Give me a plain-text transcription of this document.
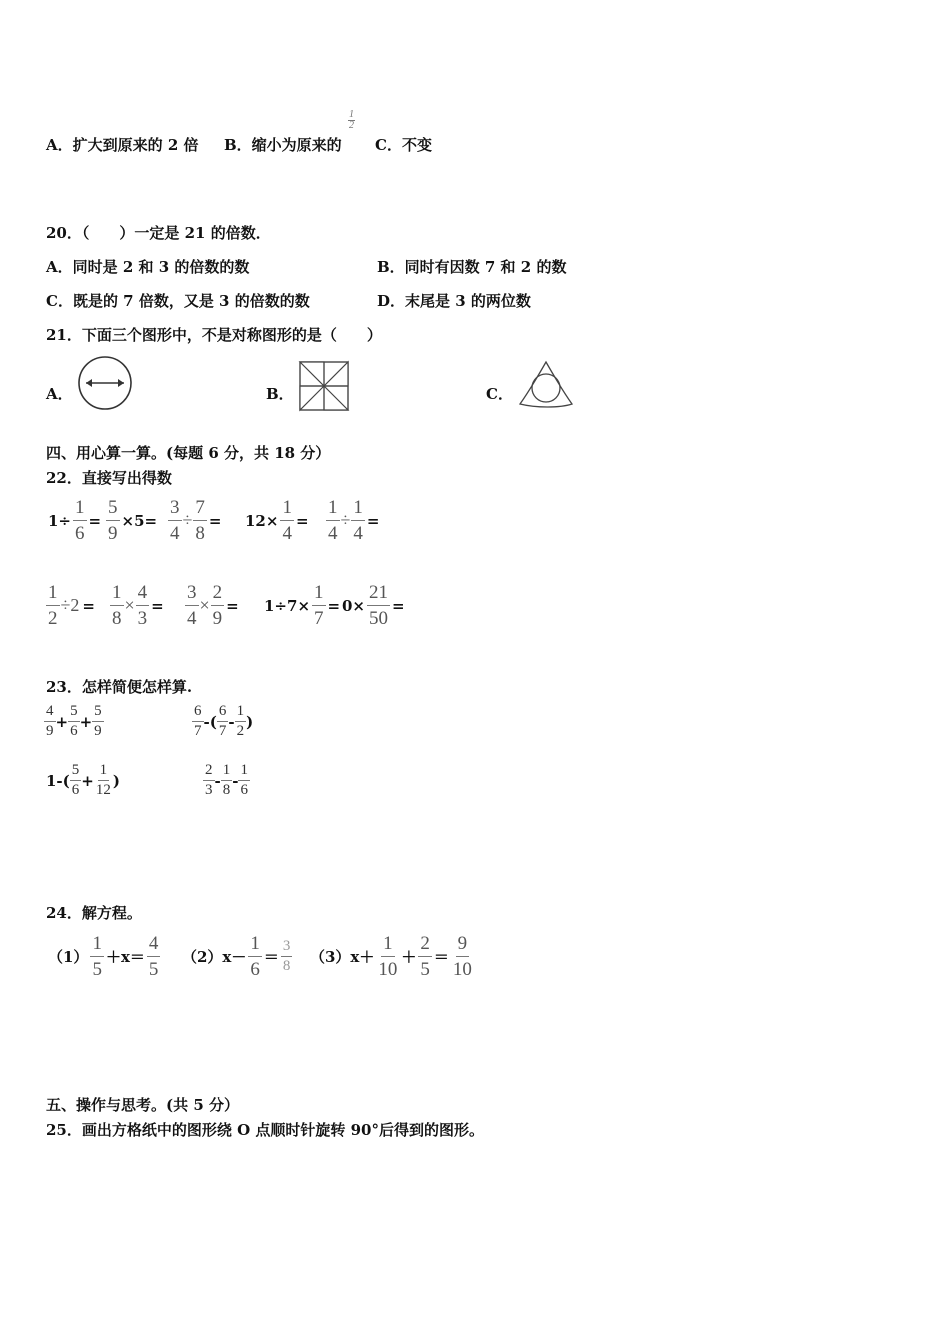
A．扩大到原来的 2 倍 B．缩小为原来的
$\frac{1}{2}$
C．不变
20．（　　）一定是 21 的倍数．
A．同时是 2 和 3 的倍数的数	B．同时有因数 7 和 2 的数
C．既是的 7 倍数，又是 3 的倍数的数	D．末尾是 3 的两位数
21．下面三个图形中，不是对称图形的是（　　）
A．	B．	C．
四、用心算一算。(每题 6 分，共 18 分）
22．直接写出得数
$1\div \frac{1}{6} = \frac{5}{9} \times 5= \frac{3}{4} \div \frac{7}{8} = 12\times \frac{1}{4} = \frac{1}{4} \div \frac{1}{4}$ =
$\frac{1}{2} \div 2 = \frac{1}{8} \times \frac{4}{3} = \frac{3}{4} \times \frac{2}{9} = 1\div 7\times \frac{1}{7} = 0\times \frac{21}{50}$ =
23．怎样简便怎样算.
$\frac{4}{9} + \frac{5}{6} + \frac{5}{9}$	$\frac{6}{7}$ -( $\frac{6}{7} - \frac{1}{2}$ )
$1-( \frac{5}{6} + \frac{1}{12}$ )	$\frac{2}{3} - \frac{1}{8} - \frac{1}{6}$
24．解方程。
$(1) \frac{1}{5} +x= \frac{4}{5} (2)x- \frac{1}{6} = \frac{3}{8} (3)x+ \frac{1}{10} + \frac{2}{5} = \frac{9}{10}$
五、操作与思考。(共 5 分）
25．画出方格纸中的图形绕 O 点顺时针旋转 90°后得到的图形。
